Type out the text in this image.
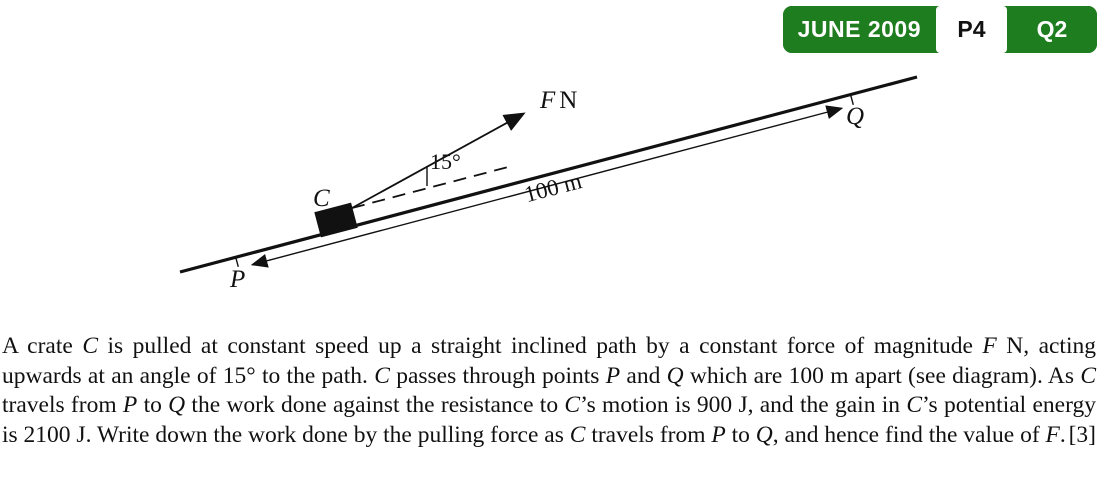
JUNE 2009	P4	Q2
C
F N
15°
100 m
P
Q

A crate C is pulled at constant speed up a straight inclined path by a constant force of magnitude F N, acting upwards at an angle of 15° to the path. C passes through points P and Q which are 100 m apart (see diagram). As C travels from P to Q the work done against the resistance to C’s motion is 900 J, and the gain in C’s potential energy is 2100 J. Write down the work done by the pulling force as C travels from P to Q, and hence find the value of F. [3]
